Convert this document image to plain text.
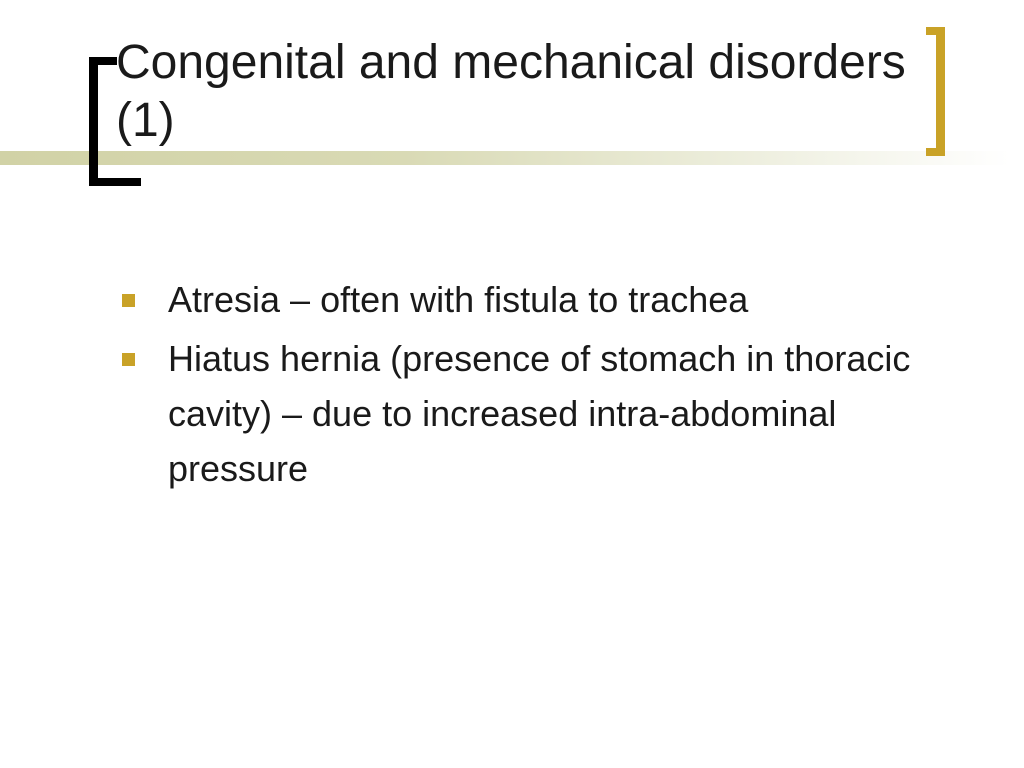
Congenital and mechanical disorders (1)
Atresia – often with fistula to trachea
Hiatus hernia (presence of stomach in thoracic cavity) – due to increased intra-abdominal pressure
